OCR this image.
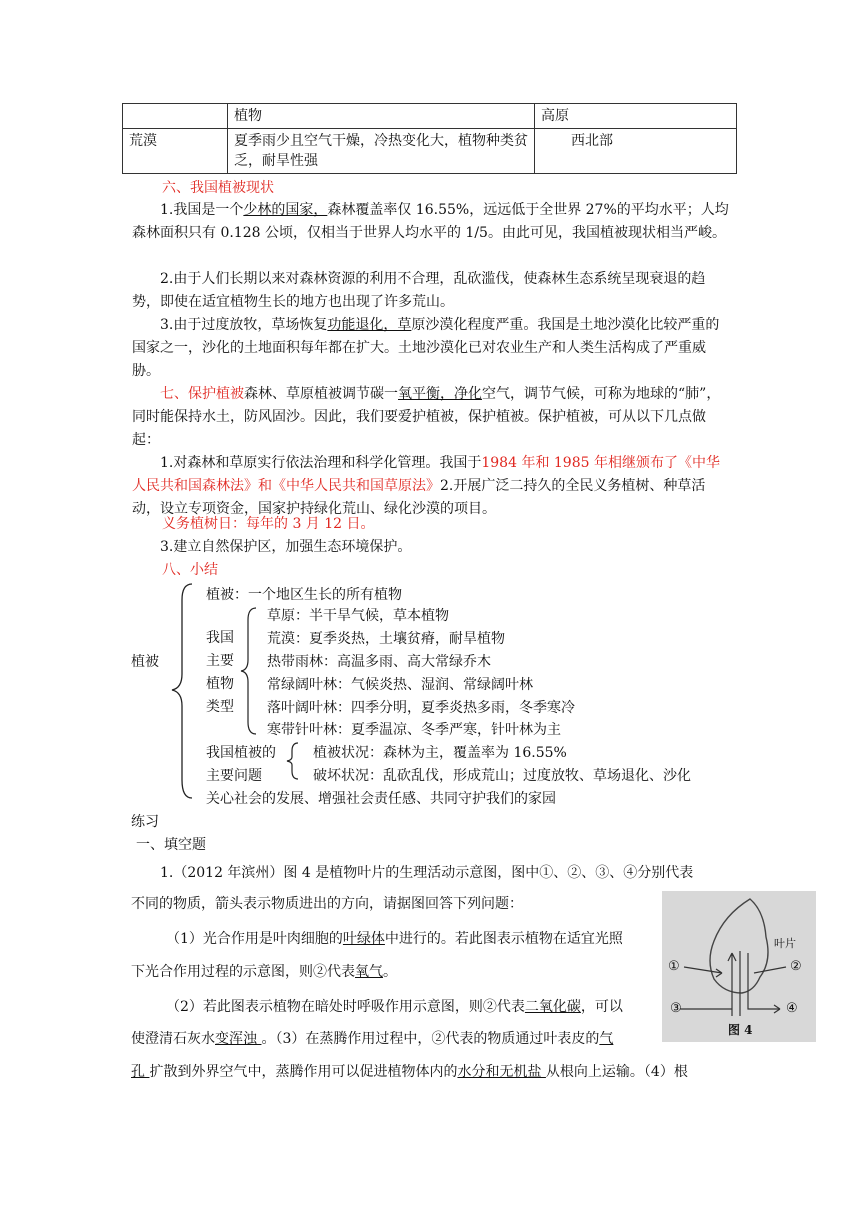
	植物	高原
荒漠	夏季雨少且空气干燥，冷热变化大，植物种类贫乏，耐旱性强	西北部
六、我国植被现状
1.我国是一个少林的国家，森林覆盖率仅 16.55%，远远低于全世界 27%的平均水平；人均森林面积只有 0.128 公顷，仅相当于世界人均水平的 1/5。由此可见，我国植被现状相当严峻。
2.由于人们长期以来对森林资源的利用不合理，乱砍滥伐，使森林生态系统呈现衰退的趋势，即使在适宜植物生长的地方也出现了许多荒山。
3.由于过度放牧，草场恢复功能退化，草原沙漠化程度严重。我国是土地沙漠化比较严重的国家之一，沙化的土地面积每年都在扩大。土地沙漠化已对农业生产和人类生活构成了严重威胁。
七、保护植被森林、草原植被调节碳一氧平衡，净化空气，调节气候，可称为地球的“肺”，同时能保持水土，防风固沙。因此，我们要爱护植被，保护植被。保护植被，可从以下几点做起：
1.对森林和草原实行依法治理和科学化管理。我国于1984 年和 1985 年相继颁布了《中华人民共和国森林法》和《中华人民共和国草原法》2.开展广泛二持久的全民义务植树、种草活动，设立专项资金，国家护持绿化荒山、绿化沙漠的项目。
义务植树日：每年的 3 月 12 日。
3.建立自然保护区，加强生态环境保护。
八、小结
植被
植被：一个地区生长的所有植物
我国
主要
植物
类型
草原：半干旱气候，草本植物
荒漠：夏季炎热，土壤贫瘠，耐旱植物
热带雨林：高温多雨、高大常绿乔木
常绿阔叶林：气候炎热、湿润、常绿阔叶林
落叶阔叶林：四季分明，夏季炎热多雨，冬季寒冷
寒带针叶林：夏季温凉、冬季严寒，针叶林为主
我国植被的
主要问题
植被状况：森林为主，覆盖率为 16.55%
破坏状况：乱砍乱伐，形成荒山；过度放牧、草场退化、沙化
关心社会的发展、增强社会责任感、共同守护我们的家园
练习
一、填空题
1.（2012 年滨州）图 4 是植物叶片的生理活动示意图，图中①、②、③、④分别代表
不同的物质，箭头表示物质进出的方向，请据图回答下列问题：
（1）光合作用是叶肉细胞的叶绿体中进行的。若此图表示植物在适宜光照
下光合作用过程的示意图，则②代表氧气。
（2）若此图表示植物在暗处时呼吸作用示意图，则②代表二氧化碳，可以
使澄清石灰水变浑浊 。（3）在蒸腾作用过程中，②代表的物质通过叶表皮的气
孔 扩散到外界空气中，蒸腾作用可以促进植物体内的水分和无机盐 从根向上运输。（4）根
叶片
①	②
③	④
图 4
